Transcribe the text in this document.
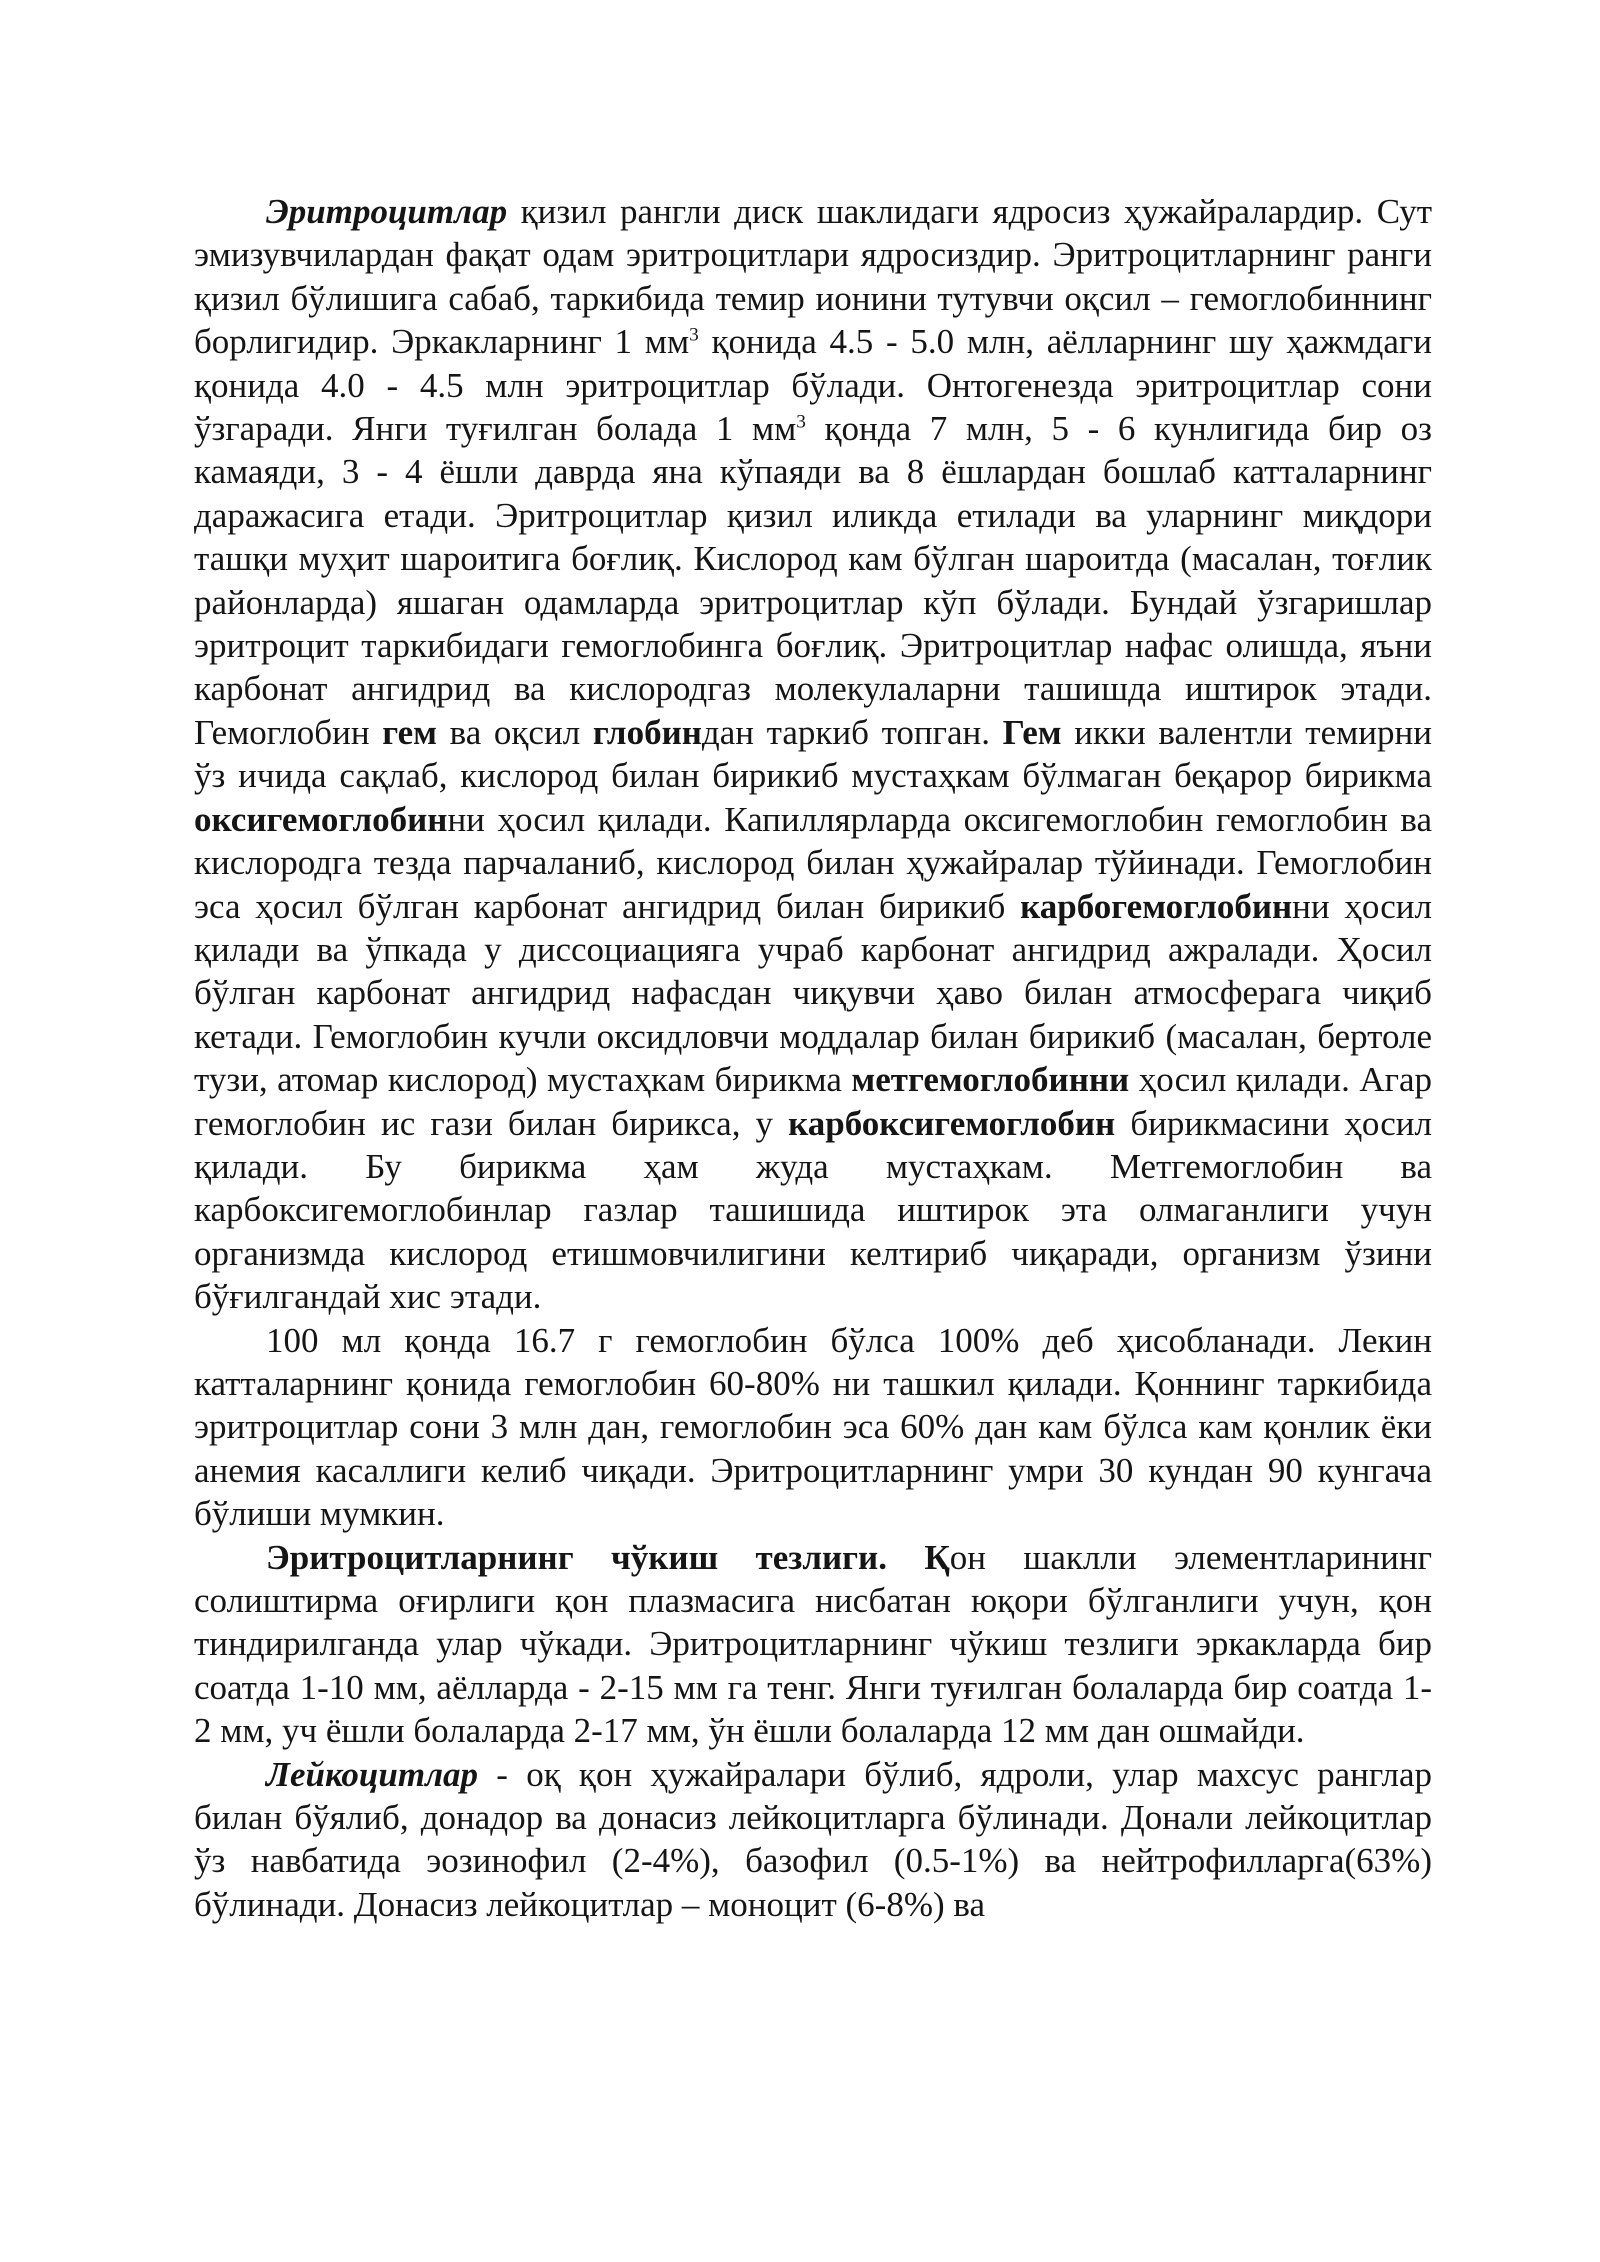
Эритроцитлар қизил рангли диск шаклидаги ядросиз ҳужайралардир. Сут эмизувчилардан фақат одам эритроцитлари ядросиздир. Эритроцитларнинг ранги қизил бўлишига сабаб, таркибида темир ионини тутувчи оқсил – гемоглобиннинг борлигидир. Эркакларнинг 1 $мм^3$ қонида 4.5 - 5.0 млн, аёлларнинг шу ҳажмдаги қонида 4.0 - 4.5 млн эритроцитлар бўлади. Онтогенезда эритроцитлар сони ўзгаради. Янги туғилган болада 1 $мм^3$ қонда 7 млн, 5 - 6 кунлигида бир оз камаяди, 3 - 4 ёшли даврда яна кўпаяди ва 8 ёшлардан бошлаб катталарнинг даражасига етади. Эритроцитлар қизил иликда етилади ва уларнинг миқдори ташқи муҳит шароитига боғлиқ. Кислород кам бўлган шароитда (масалан, тоғлик районларда) яшаган одамларда эритроцитлар кўп бўлади. Бундай ўзгаришлар эритроцит таркибидаги гемоглобинга боғлиқ. Эритроцитлар нафас олишда, яъни карбонат ангидрид ва кислородгаз молекулаларни ташишда иштирок этади. Гемоглобин гем ва оқсил глобиндан таркиб топган. Гем икки валентли темирни ўз ичида сақлаб, кислород билан бирикиб мустаҳкам бўлмаган беқарор бирикма оксигемоглобинни ҳосил қилади. Капиллярларда оксигемоглобин гемоглобин ва кислородга тезда парчаланиб, кислород билан ҳужайралар тўйинади. Гемоглобин эса ҳосил бўлган карбонат ангидрид билан бирикиб карбогемоглобинни ҳосил қилади ва ўпкада у диссоциацияга учраб карбонат ангидрид ажралади. Ҳосил бўлган карбонат ангидрид нафасдан чиқувчи ҳаво билан атмосферага чиқиб кетади. Гемоглобин кучли оксидловчи моддалар билан бирикиб (масалан, бертоле тузи, атомар кислород) мустаҳкам бирикма метгемоглобинни ҳосил қилади. Агар гемоглобин ис гази билан бирикса, у карбоксигемоглобин бирикмасини ҳосил қилади. Бу бирикма ҳам жуда мустаҳкам. Метгемоглобин ва карбоксигемоглобинлар газлар ташишида иштирок эта олмаганлиги учун организмда кислород етишмовчилигини келтириб чиқаради, организм ўзини бўғилгандай хис этади.

100 мл қонда 16.7 г гемоглобин бўлса 100% деб ҳисобланади. Лекин катталарнинг қонида гемоглобин 60-80% ни ташкил қилади. Қоннинг таркибида эритроцитлар сони 3 млн дан, гемоглобин эса 60% дан кам бўлса кам қонлик ёки анемия касаллиги келиб чиқади. Эритроцитларнинг умри 30 кундан 90 кунгача бўлиши мумкин.

Эритроцитларнинг чўкиш тезлиги. Қон шаклли элементларининг солиштирма оғирлиги қон плазмасига нисбатан юқори бўлганлиги учун, қон тиндирилганда улар чўкади. Эритроцитларнинг чўкиш тезлиги эркакларда бир соатда 1-10 мм, аёлларда - 2-15 мм га тенг. Янги туғилган болаларда бир соатда 1-2 мм, уч ёшли болаларда 2-17 мм, ўн ёшли болаларда 12 мм дан ошмайди.

Лейкоцитлар - оқ қон ҳужайралари бўлиб, ядроли, улар махсус ранглар билан бўялиб, донадор ва донасиз лейкоцитларга бўлинади. Донали лейкоцитлар ўз навбатида эозинофил (2-4%), базофил (0.5-1%) ва нейтрофилларга(63%) бўлинади. Донасиз лейкоцитлар – моноцит (6-8%) ва
